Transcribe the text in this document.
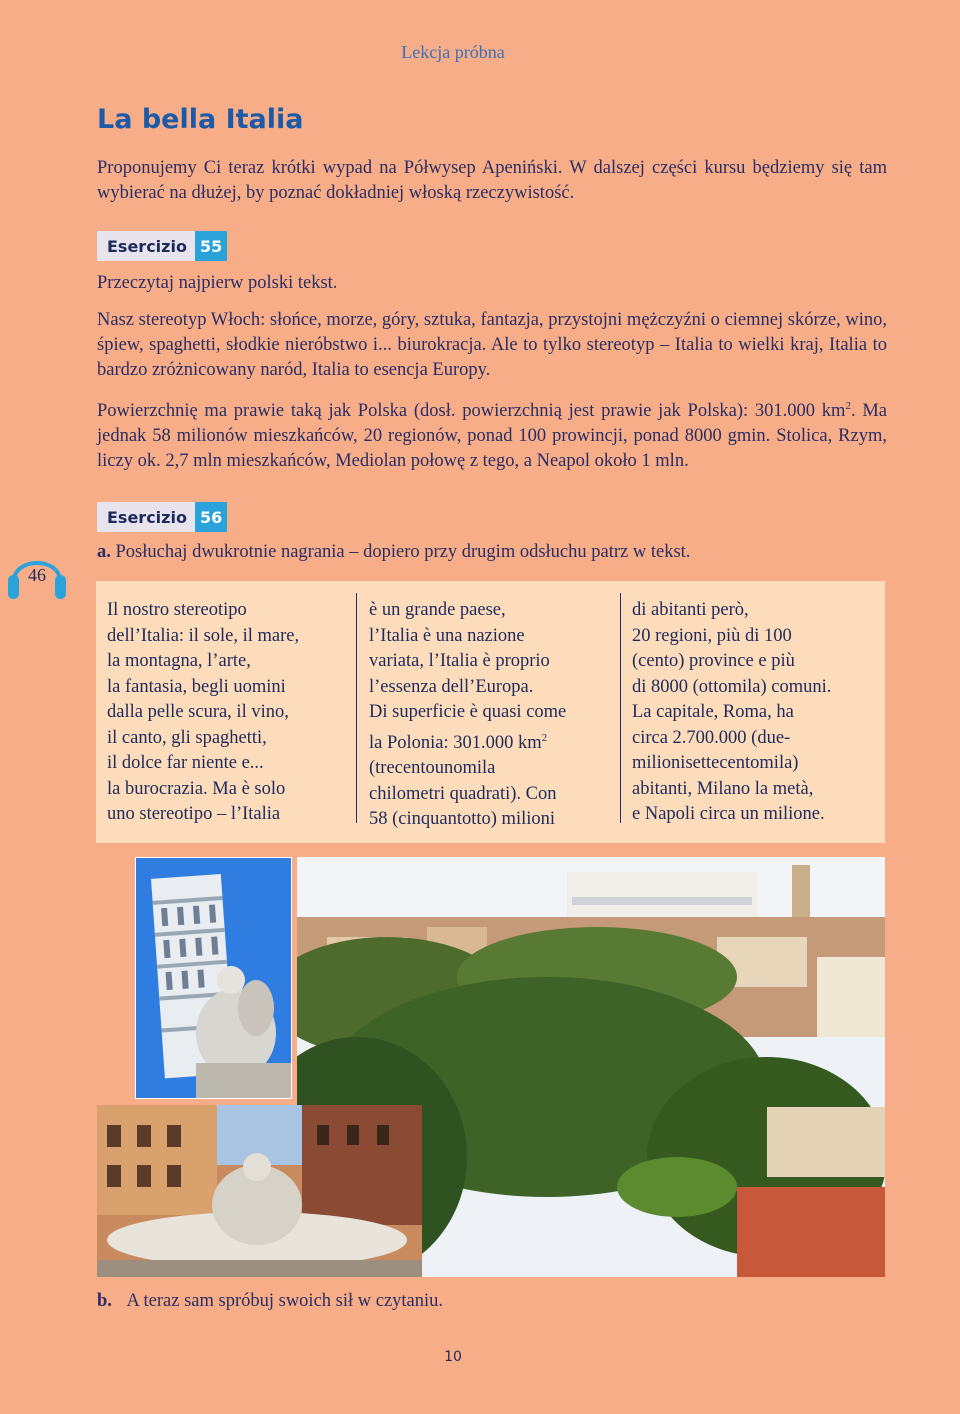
Lekcja próbna
La bella Italia
Proponujemy Ci teraz krótki wypad na Półwysep Apeniński. W dalszej części kursu będziemy się tam wybierać na dłużej, by poznać dokładniej włoską rzeczywistość.
Esercizio 55
Przeczytaj najpierw polski tekst.
Nasz stereotyp Włoch: słońce, morze, góry, sztuka, fantazja, przystojni mężczyźni o ciemnej skórze, wino, śpiew, spaghetti, słodkie nieróbstwo i... biurokracja. Ale to tylko stereotyp – Italia to wielki kraj, Italia to bardzo zróżnicowany naród, Italia to esencja Europy.
Powierzchnię ma prawie taką jak Polska (dosł. powierzchnią jest prawie jak Polska): 301.000 $km^2$. Ma jednak 58 milionów mieszkańców, 20 regionów, ponad 100 prowincji, ponad 8000 gmin. Stolica, Rzym, liczy ok. 2,7 mln mieszkańców, Mediolan połowę z tego, a Neapol około 1 mln.
Esercizio 56
46
a. Posłuchaj dwukrotnie nagrania – dopiero przy drugim odsłuchu patrz w tekst.
Il nostro stereotipo
dell’Italia: il sole, il mare,
la montagna, l’arte,
la fantasia, begli uomini
dalla pelle scura, il vino,
il canto, gli spaghetti,
il dolce far niente e...
la burocrazia. Ma è solo
uno stereotipo – l’Italia
è un grande paese,
l’Italia è una nazione
variata, l’Italia è proprio
l’essenza dell’Europa.
Di superficie è quasi come
la Polonia: 301.000 $km^2$
(trecentounomila
chilometri quadrati). Con
58 (cinquantotto) milioni
di abitanti però,
20 regioni, più di 100
(cento) province e più
di 8000 (ottomila) comuni.
La capitale, Roma, ha
circa 2.700.000 (due-
milionisettecentomila)
abitanti, Milano la metà,
e Napoli circa un milione.
b. A teraz sam spróbuj swoich sił w czytaniu.
10
